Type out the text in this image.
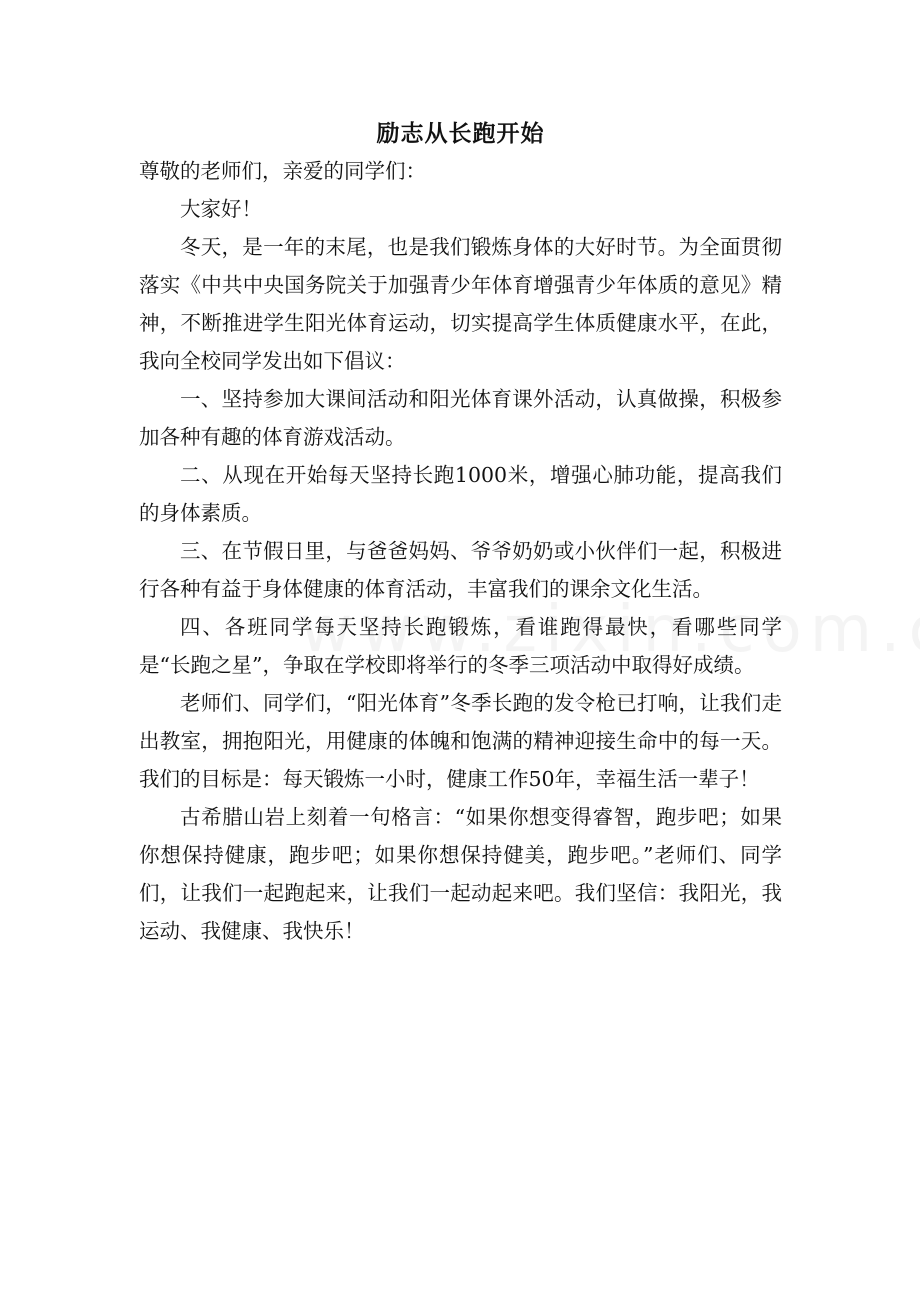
励志从长跑开始

尊敬的老师们，亲爱的同学们：

大家好！

冬天，是一年的末尾，也是我们锻炼身体的大好时节。为全面贯彻落实《中共中央国务院关于加强青少年体育增强青少年体质的意见》精神，不断推进学生阳光体育运动，切实提高学生体质健康水平，在此，我向全校同学发出如下倡议：

一、坚持参加大课间活动和阳光体育课外活动，认真做操，积极参加各种有趣的体育游戏活动。

二、从现在开始每天坚持长跑1000米，增强心肺功能，提高我们的身体素质。

三、在节假日里，与爸爸妈妈、爷爷奶奶或小伙伴们一起，积极进行各种有益于身体健康的体育活动，丰富我们的课余文化生活。

四、各班同学每天坚持长跑锻炼，看谁跑得最快，看哪些同学是“长跑之星”，争取在学校即将举行的冬季三项活动中取得好成绩。

老师们、同学们，“阳光体育”冬季长跑的发令枪已打响，让我们走出教室，拥抱阳光，用健康的体魄和饱满的精神迎接生命中的每一天。我们的目标是：每天锻炼一小时，健康工作50年，幸福生活一辈子！

古希腊山岩上刻着一句格言：“如果你想变得睿智，跑步吧；如果你想保持健康，跑步吧；如果你想保持健美，跑步吧。”老师们、同学们，让我们一起跑起来，让我们一起动起来吧。我们坚信：我阳光，我运动、我健康、我快乐！
